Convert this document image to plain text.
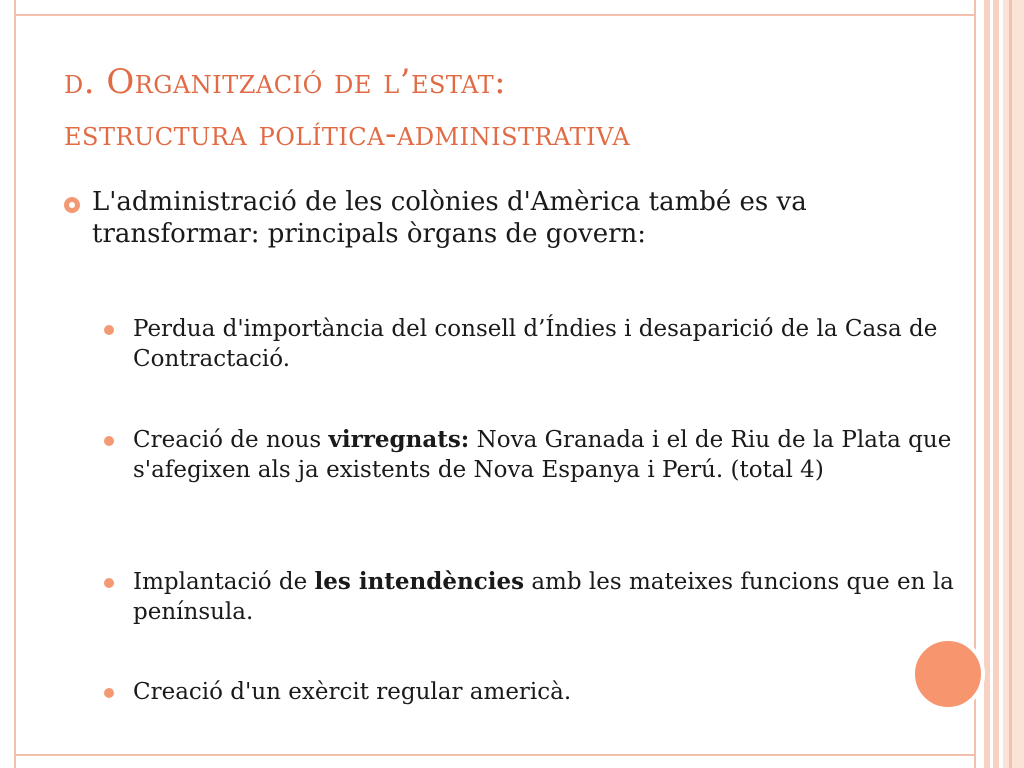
d. Organització de l’estat:
estructura política-administrativa
L'administració de les colònies d'Amèrica també es va transformar: principals òrgans de govern:
Perdua d'importància del consell d’Índies i desaparició de la Casa de Contractació.
Creació de nous virregnats: Nova Granada i el de Riu de la Plata que s'afegixen als ja existents de Nova Espanya i Perú. (total 4)
Implantació de les intendències amb les mateixes funcions que en la península.
Creació d'un exèrcit regular americà.
